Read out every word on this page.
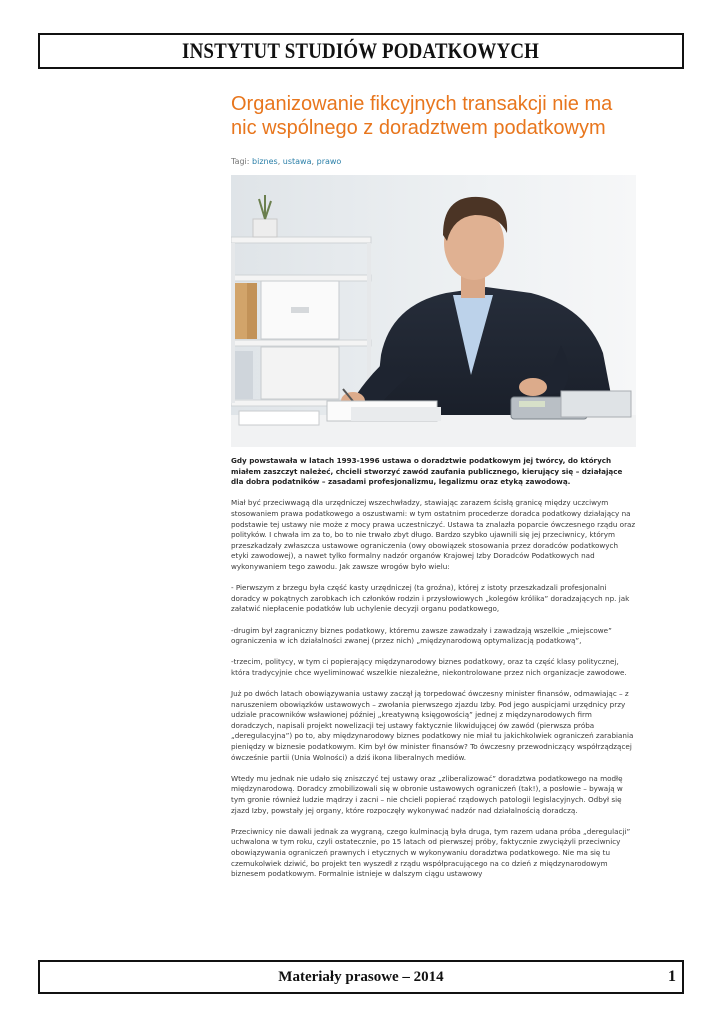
INSTYTUT STUDIÓW PODATKOWYCH
Organizowanie fikcyjnych transakcji nie ma nic wspólnego z doradztwem podatkowym
Tagi: biznes, ustawa, prawo

Gdy powstawała w latach 1993-1996 ustawa o doradztwie podatkowym jej twórcy, do których miałem zaszczyt należeć, chcieli stworzyć zawód zaufania publicznego, kierujący się – działające dla dobra podatników – zasadami profesjonalizmu, legalizmu oraz etyką zawodową.

Miał być przeciwwagą dla urzędniczej wszechwładzy, stawiając zarazem ścisłą granicę między uczciwym stosowaniem prawa podatkowego a oszustwami: w tym ostatnim procederze doradca podatkowy działający na podstawie tej ustawy nie może z mocy prawa uczestniczyć. Ustawa ta znalazła poparcie ówczesnego rządu oraz polityków. I chwała im za to, bo to nie trwało zbyt długo. Bardzo szybko ujawnili się jej przeciwnicy, którym przeszkadzały zwłaszcza ustawowe ograniczenia (owy obowiązek stosowania przez doradców podatkowych etyki zawodowej), a nawet tylko formalny nadzór organów Krajowej Izby Doradców Podatkowych nad wykonywaniem tego zawodu. Jak zawsze wrogów było wielu:

- Pierwszym z brzegu była część kasty urzędniczej (ta groźna), której z istoty przeszkadzali profesjonalni doradcy w pokątnych zarobkach ich członków rodzin i przysłowiowych „kolegów królika” doradzających np. jak załatwić niepłacenie podatków lub uchylenie decyzji organu podatkowego,

-drugim był zagraniczny biznes podatkowy, któremu zawsze zawadzały i zawadzają wszelkie „miejscowe” ograniczenia w ich działalności zwanej (przez nich) „międzynarodową optymalizacją podatkową”,

-trzecim, politycy, w tym ci popierający międzynarodowy biznes podatkowy, oraz ta część klasy politycznej, która tradycyjnie chce wyeliminować wszelkie niezależne, niekontrolowane przez nich organizacje zawodowe.

Już po dwóch latach obowiązywania ustawy zaczął ją torpedować ówczesny minister finansów, odmawiając – z naruszeniem obowiązków ustawowych – zwołania pierwszego zjazdu Izby. Pod jego auspicjami urzędnicy przy udziale pracowników wsławionej później „kreatywną księgowością” jednej z międzynarodowych firm doradczych, napisali projekt nowelizacji tej ustawy faktycznie likwidującej ów zawód (pierwsza próba „deregulacyjna”) po to, aby międzynarodowy biznes podatkowy nie miał tu jakichkolwiek ograniczeń zarabiania pieniędzy w biznesie podatkowym. Kim był ów minister finansów? To ówczesny przewodniczący współrządzącej ówcześnie partii (Unia Wolności) a dziś ikona liberalnych mediów.

Wtedy mu jednak nie udało się zniszczyć tej ustawy oraz „zliberalizować” doradztwa podatkowego na modłę międzynarodową. Doradcy zmobilizowali się w obronie ustawowych ograniczeń (tak!), a posłowie – bywają w tym gronie również ludzie mądrzy i zacni – nie chcieli popierać rządowych patologii legislacyjnych. Odbył się zjazd Izby, powstały jej organy, które rozpoczęły wykonywać nadzór nad działalnością doradczą.

Przeciwnicy nie dawali jednak za wygraną, czego kulminacją była druga, tym razem udana próba „deregulacji” uchwalona w tym roku, czyli ostatecznie, po 15 latach od pierwszej próby, faktycznie zwyciężyli przeciwnicy obowiązywania ograniczeń prawnych i etycznych w wykonywaniu doradztwa podatkowego. Nie ma się tu czemukolwiek dziwić, bo projekt ten wyszedł z rządu współpracującego na co dzień z międzynarodowym biznesem podatkowym. Formalnie istnieje w dalszym ciągu ustawowy

Materiały prasowe – 2014	1
